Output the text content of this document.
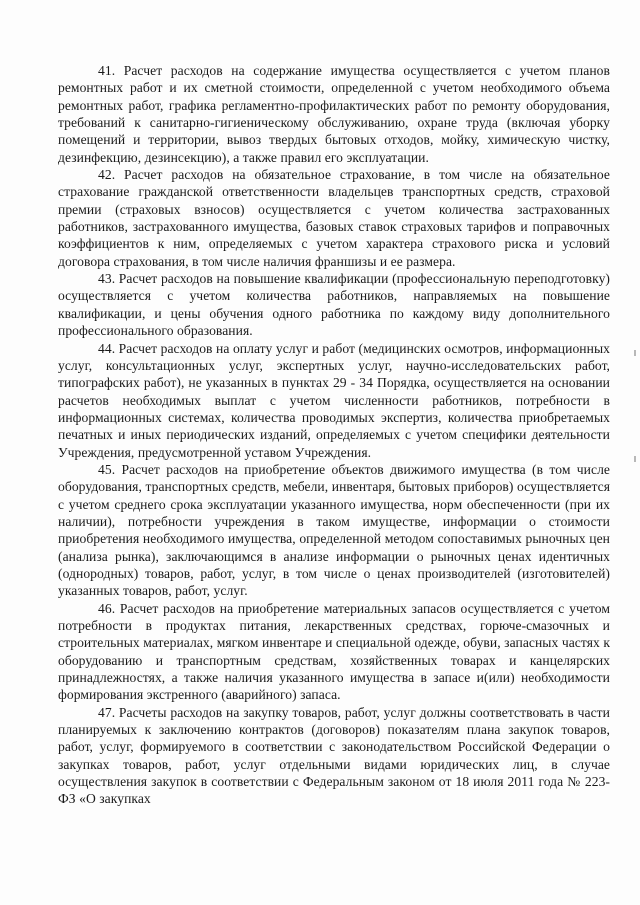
41. Расчет расходов на содержание имущества осуществляется с учетом планов ремонтных работ и их сметной стоимости, определенной с учетом необходимого объема ремонтных работ, графика регламентно-профилактических работ по ремонту оборудования, требований к санитарно-гигиеническому обслуживанию, охране труда (включая уборку помещений и территории, вывоз твердых бытовых отходов, мойку, химическую чистку, дезинфекцию, дезинсекцию), а также правил его эксплуатации.

42. Расчет расходов на обязательное страхование, в том числе на обязательное страхование гражданской ответственности владельцев транспортных средств, страховой премии (страховых взносов) осуществляется с учетом количества застрахованных работников, застрахованного имущества, базовых ставок страховых тарифов и поправочных коэффициентов к ним, определяемых с учетом характера страхового риска и условий договора страхования, в том числе наличия франшизы и ее размера.

43. Расчет расходов на повышение квалификации (профессиональную переподготовку) осуществляется с учетом количества работников, направляемых на повышение квалификации, и цены обучения одного работника по каждому виду дополнительного профессионального образования.

44. Расчет расходов на оплату услуг и работ (медицинских осмотров, информационных услуг, консультационных услуг, экспертных услуг, научно-исследовательских работ, типографских работ), не указанных в пунктах 29 - 34 Порядка, осуществляется на основании расчетов необходимых выплат с учетом численности работников, потребности в информационных системах, количества проводимых экспертиз, количества приобретаемых печатных и иных периодических изданий, определяемых с учетом специфики деятельности Учреждения, предусмотренной уставом Учреждения.

45. Расчет расходов на приобретение объектов движимого имущества (в том числе оборудования, транспортных средств, мебели, инвентаря, бытовых приборов) осуществляется с учетом среднего срока эксплуатации указанного имущества, норм обеспеченности (при их наличии), потребности учреждения в таком имуществе, информации о стоимости приобретения необходимого имущества, определенной методом сопоставимых рыночных цен (анализа рынка), заключающимся в анализе информации о рыночных ценах идентичных (однородных) товаров, работ, услуг, в том числе о ценах производителей (изготовителей) указанных товаров, работ, услуг.

46. Расчет расходов на приобретение материальных запасов осуществляется с учетом потребности в продуктах питания, лекарственных средствах, горюче-смазочных и строительных материалах, мягком инвентаре и специальной одежде, обуви, запасных частях к оборудованию и транспортным средствам, хозяйственных товарах и канцелярских принадлежностях, а также наличия указанного имущества в запасе и(или) необходимости формирования экстренного (аварийного) запаса.

47. Расчеты расходов на закупку товаров, работ, услуг должны соответствовать в части планируемых к заключению контрактов (договоров) показателям плана закупок товаров, работ, услуг, формируемого в соответствии с законодательством Российской Федерации о закупках товаров, работ, услуг отдельными видами юридических лиц, в случае осуществления закупок в соответствии с Федеральным законом от 18 июля 2011 года № 223-ФЗ «О закупках
